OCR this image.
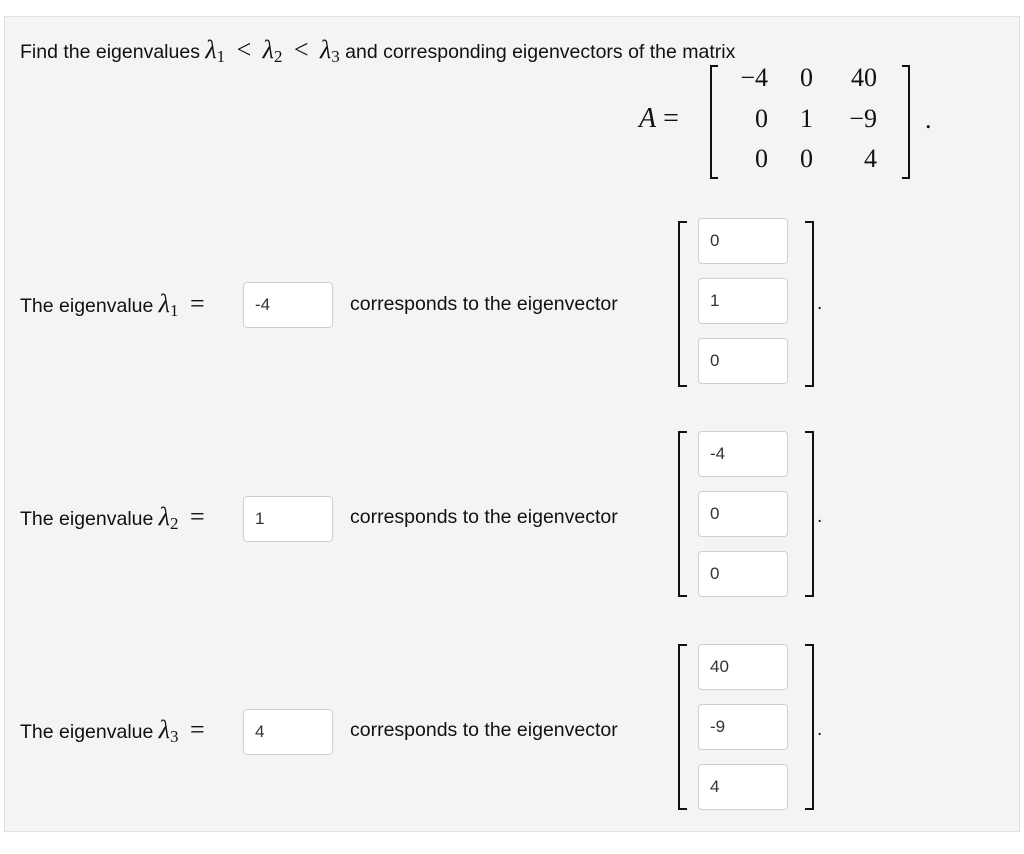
Find the eigenvalues $\lambda_1 < \lambda_2 < \lambda_3$ and corresponding eigenvectors of the matrix
A =
−4	0	40
0	1	−9
0	0	4
.
The eigenvalue $\lambda_1$ =	-4	corresponds to the eigenvector
0
1
0
.
The eigenvalue $\lambda_2$ =	1	corresponds to the eigenvector
-4
0
0
.
The eigenvalue $\lambda_3$ =	4	corresponds to the eigenvector
40
-9
4
.
